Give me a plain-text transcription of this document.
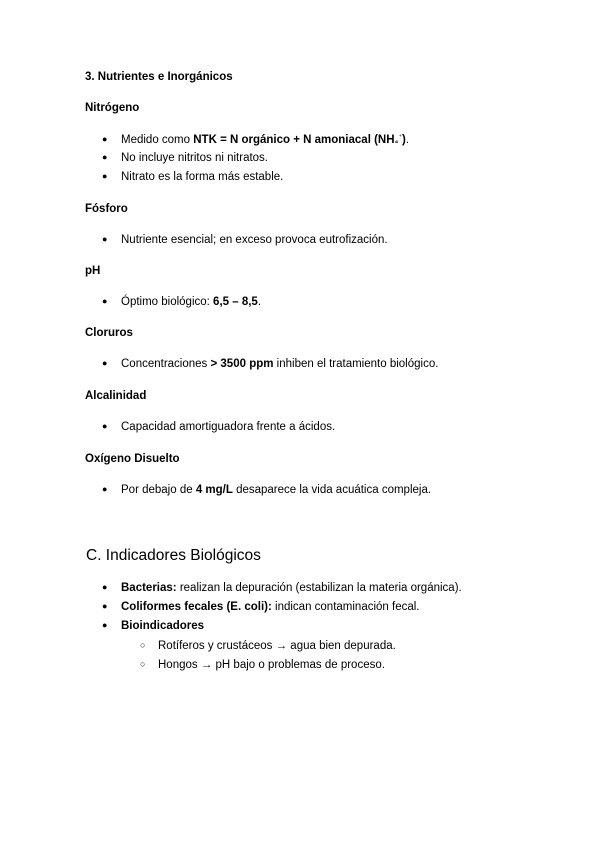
3. Nutrientes e Inorgánicos
Nitrógeno
● Medido como NTK = N orgánico + N amoniacal (NH₄⁺).
● No incluye nitritos ni nitratos.
● Nitrato es la forma más estable.
Fósforo
● Nutriente esencial; en exceso provoca eutrofización.
pH
● Óptimo biológico: 6,5 – 8,5.
Cloruros
● Concentraciones > 3500 ppm inhiben el tratamiento biológico.
Alcalinidad
● Capacidad amortiguadora frente a ácidos.
Oxígeno Disuelto
● Por debajo de 4 mg/L desaparece la vida acuática compleja.
C. Indicadores Biológicos
● Bacterias: realizan la depuración (estabilizan la materia orgánica).
● Coliformes fecales (E. coli): indican contaminación fecal.
● Bioindicadores
○ Rotíferos y crustáceos → agua bien depurada.
○ Hongos → pH bajo o problemas de proceso.
